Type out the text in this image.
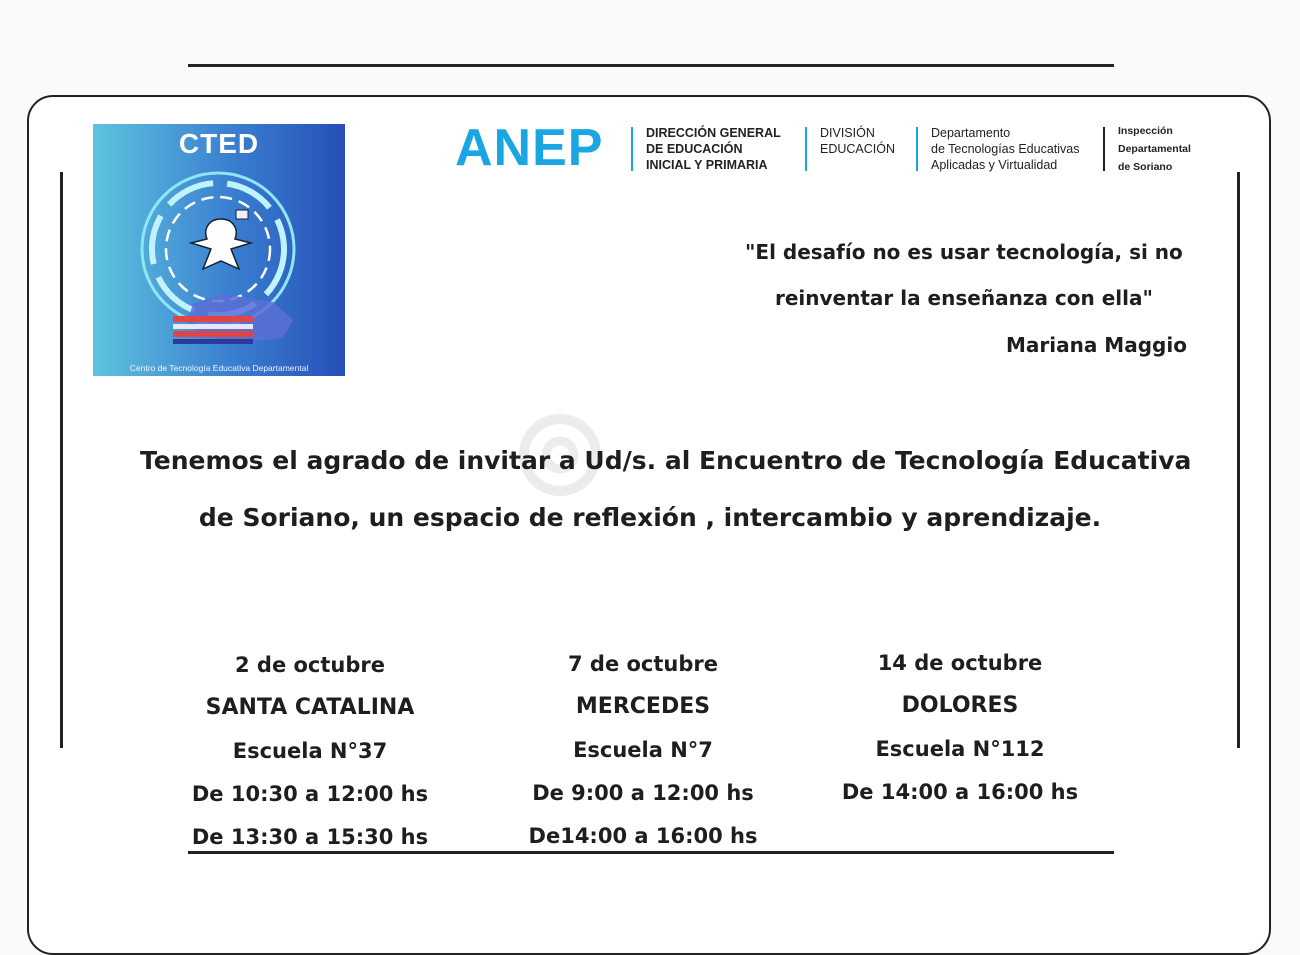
CTED
Centro de Tecnología Educativa Departamental
ANEP	DIRECCIÓN GENERAL
DE EDUCACIÓN
INICIAL Y PRIMARIA
DIVISIÓN
EDUCACIÓN
Departamento
de Tecnologías Educativas
Aplicadas y Virtualidad
Inspección
Departamental
de Soriano
"El desafío no es usar tecnología, si no
reinventar la enseñanza con ella"
Mariana Maggio
Tenemos el agrado de invitar a Ud/s. al Encuentro de Tecnología Educativa
de Soriano, un espacio de reflexión , intercambio y aprendizaje.
2 de octubre
SANTA CATALINA
Escuela N°37
De 10:30 a 12:00 hs
De 13:30 a 15:30 hs
7 de octubre
MERCEDES
Escuela N°7
De 9:00 a 12:00 hs
De14:00 a 16:00 hs
14 de octubre
DOLORES
Escuela N°112
De 14:00 a 16:00 hs
